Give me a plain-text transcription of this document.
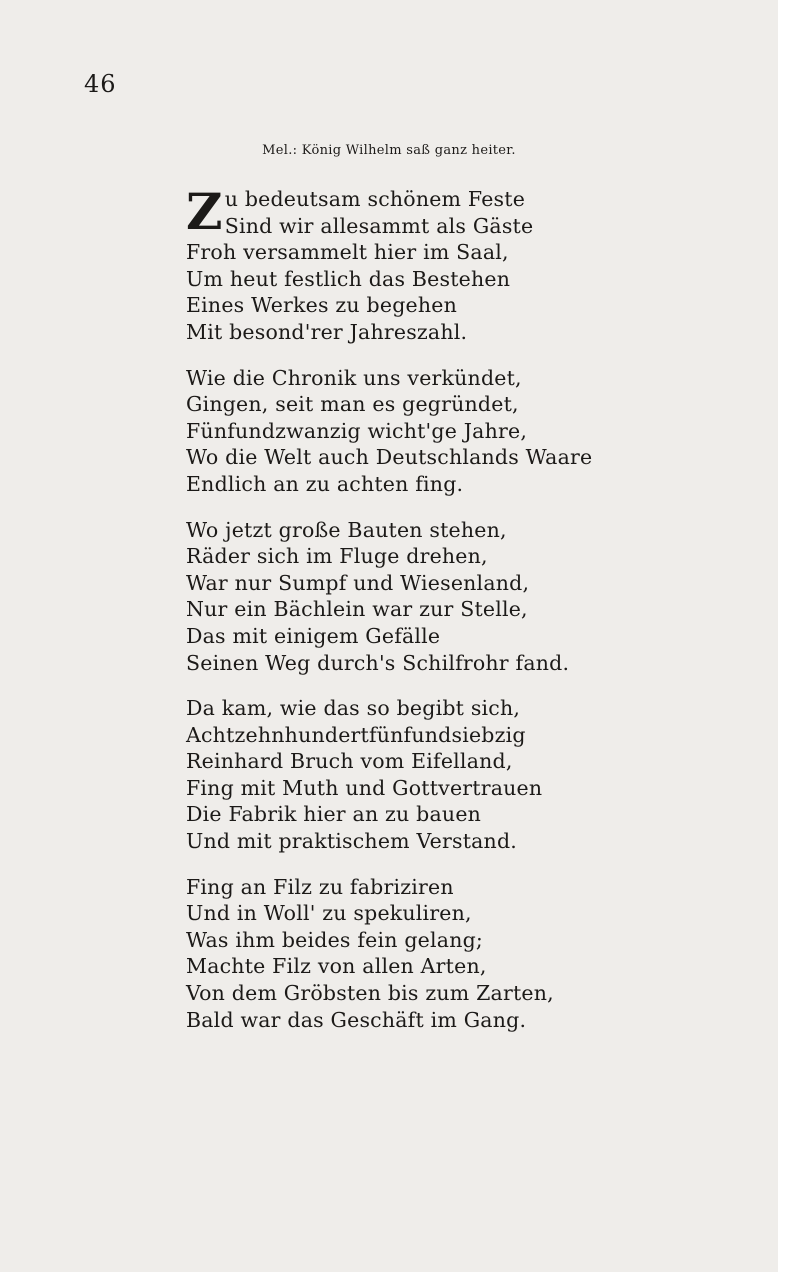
46
Mel.: König Wilhelm saß ganz heiter.
Zu bedeutsam schönem Feste
Sind wir allesammt als Gäste
Froh versammelt hier im Saal,
Um heut festlich das Bestehen
Eines Werkes zu begehen
Mit besond'rer Jahreszahl.
Wie die Chronik uns verkündet,
Gingen, seit man es gegründet,
Fünfundzwanzig wicht'ge Jahre,
Wo die Welt auch Deutschlands Waare
Endlich an zu achten fing.
Wo jetzt große Bauten stehen,
Räder sich im Fluge drehen,
War nur Sumpf und Wiesenland,
Nur ein Bächlein war zur Stelle,
Das mit einigem Gefälle
Seinen Weg durch's Schilfrohr fand.
Da kam, wie das so begibt sich,
Achtzehnhundertfünfundsiebzig
Reinhard Bruch vom Eifelland,
Fing mit Muth und Gottvertrauen
Die Fabrik hier an zu bauen
Und mit praktischem Verstand.
Fing an Filz zu fabriziren
Und in Woll' zu spekuliren,
Was ihm beides fein gelang;
Machte Filz von allen Arten,
Von dem Gröbsten bis zum Zarten,
Bald war das Geschäft im Gang.
